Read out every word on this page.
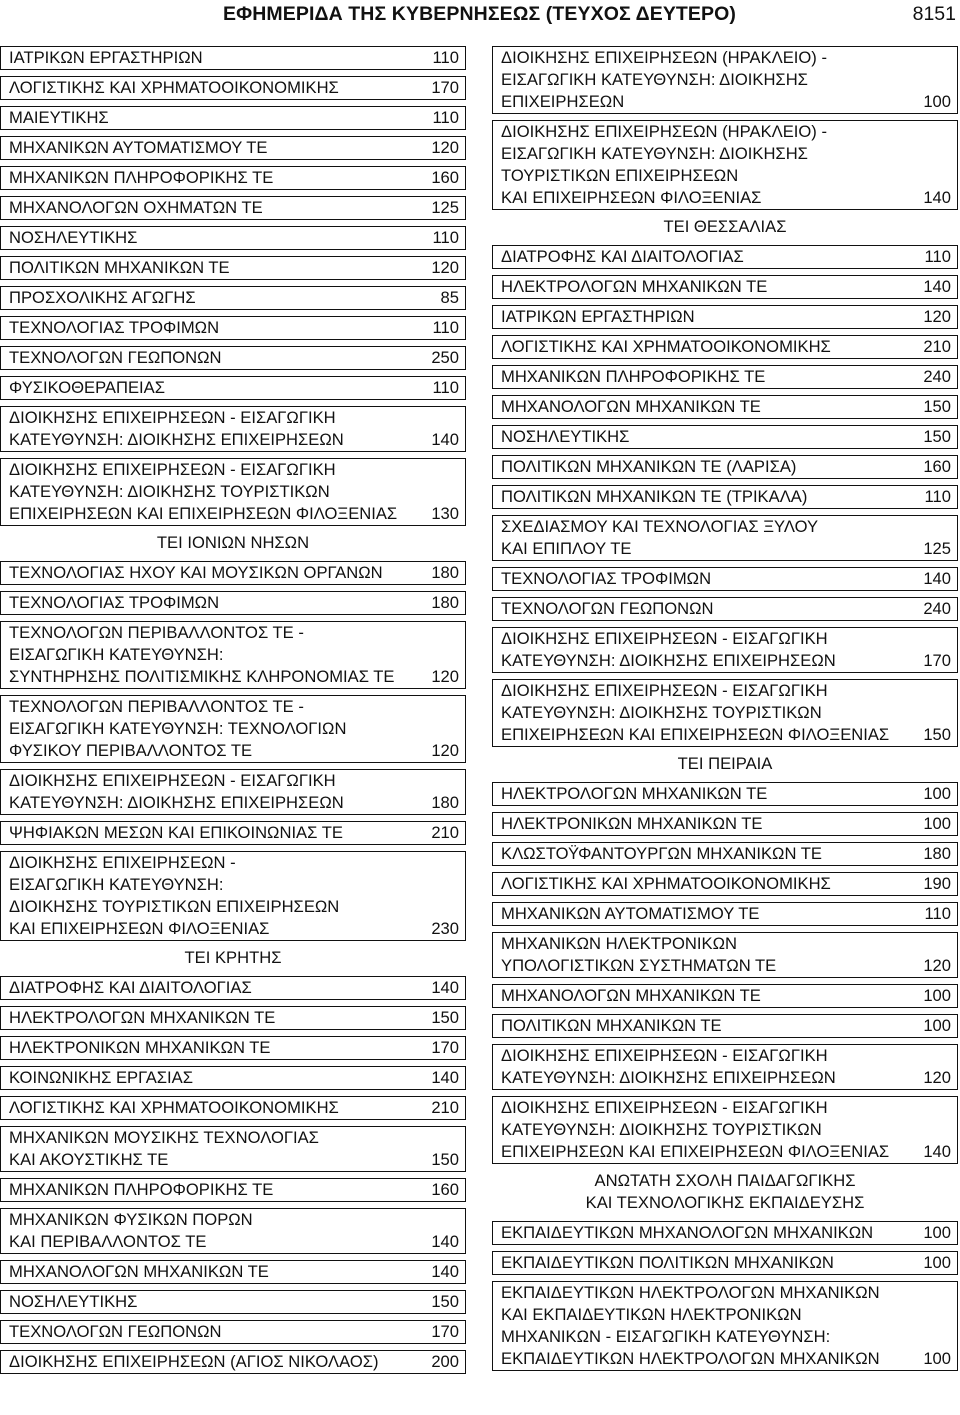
ΕΦΗΜΕΡΙΔΑ ΤΗΣ ΚΥΒΕΡΝΗΣΕΩΣ (ΤΕΥΧΟΣ ΔΕΥΤΕΡΟ)	8151
ΙΑΤΡΙΚΩΝ ΕΡΓΑΣΤΗΡΙΩΝ	110
ΛΟΓΙΣΤΙΚΗΣ ΚΑΙ ΧΡΗΜΑΤΟΟΙΚΟΝΟΜΙΚΗΣ	170
ΜΑΙΕΥΤΙΚΗΣ	110
ΜΗΧΑΝΙΚΩΝ ΑΥΤΟΜΑΤΙΣΜΟΥ ΤΕ	120
ΜΗΧΑΝΙΚΩΝ ΠΛΗΡΟΦΟΡΙΚΗΣ ΤΕ	160
ΜΗΧΑΝΟΛΟΓΩΝ ΟΧΗΜΑΤΩΝ ΤΕ	125
ΝΟΣΗΛΕΥΤΙΚΗΣ	110
ΠΟΛΙΤΙΚΩΝ ΜΗΧΑΝΙΚΩΝ ΤΕ	120
ΠΡΟΣΧΟΛΙΚΗΣ ΑΓΩΓΗΣ	85
ΤΕΧΝΟΛΟΓΙΑΣ ΤΡΟΦΙΜΩΝ	110
ΤΕΧΝΟΛΟΓΩΝ ΓΕΩΠΟΝΩΝ	250
ΦΥΣΙΚΟΘΕΡΑΠΕΙΑΣ	110
ΔΙΟΙΚΗΣΗΣ ΕΠΙΧΕΙΡΗΣΕΩΝ - ΕΙΣΑΓΩΓΙΚΗ
ΚΑΤΕΥΘΥΝΣΗ: ΔΙΟΙΚΗΣΗΣ ΕΠΙΧΕΙΡΗΣΕΩΝ	140
ΔΙΟΙΚΗΣΗΣ ΕΠΙΧΕΙΡΗΣΕΩΝ - ΕΙΣΑΓΩΓΙΚΗ
ΚΑΤΕΥΘΥΝΣΗ: ΔΙΟΙΚΗΣΗΣ ΤΟΥΡΙΣΤΙΚΩΝ
ΕΠΙΧΕΙΡΗΣΕΩΝ ΚΑΙ ΕΠΙΧΕΙΡΗΣΕΩΝ ΦΙΛΟΞΕΝΙΑΣ 130
ΤΕΙ ΙΟΝΙΩΝ ΝΗΣΩΝ
ΤΕΧΝΟΛΟΓΙΑΣ ΗΧΟΥ ΚΑΙ ΜΟΥΣΙΚΩΝ ΟΡΓΑΝΩΝ	180
ΤΕΧΝΟΛΟΓΙΑΣ ΤΡΟΦΙΜΩΝ	180
ΤΕΧΝΟΛΟΓΩΝ ΠΕΡΙΒΑΛΛΟΝΤΟΣ ΤΕ -
ΕΙΣΑΓΩΓΙΚΗ ΚΑΤΕΥΘΥΝΣΗ:
ΣΥΝΤΗΡΗΣΗΣ ΠΟΛΙΤΙΣΜΙΚΗΣ ΚΛΗΡΟΝΟΜΙΑΣ ΤΕ	120
ΤΕΧΝΟΛΟΓΩΝ ΠΕΡΙΒΑΛΛΟΝΤΟΣ ΤΕ -
ΕΙΣΑΓΩΓΙΚΗ ΚΑΤΕΥΘΥΝΣΗ: ΤΕΧΝΟΛΟΓΙΩΝ
ΦΥΣΙΚΟΥ ΠΕΡΙΒΑΛΛΟΝΤΟΣ ΤΕ	120
ΔΙΟΙΚΗΣΗΣ ΕΠΙΧΕΙΡΗΣΕΩΝ - ΕΙΣΑΓΩΓΙΚΗ
ΚΑΤΕΥΘΥΝΣΗ: ΔΙΟΙΚΗΣΗΣ ΕΠΙΧΕΙΡΗΣΕΩΝ	180
ΨΗΦΙΑΚΩΝ ΜΕΣΩΝ ΚΑΙ ΕΠΙΚΟΙΝΩΝΙΑΣ ΤΕ	210
ΔΙΟΙΚΗΣΗΣ ΕΠΙΧΕΙΡΗΣΕΩΝ -
ΕΙΣΑΓΩΓΙΚΗ ΚΑΤΕΥΘΥΝΣΗ:
ΔΙΟΙΚΗΣΗΣ ΤΟΥΡΙΣΤΙΚΩΝ ΕΠΙΧΕΙΡΗΣΕΩΝ
ΚΑΙ ΕΠΙΧΕΙΡΗΣΕΩΝ ΦΙΛΟΞΕΝΙΑΣ	230
ΤΕΙ ΚΡΗΤΗΣ
ΔΙΑΤΡΟΦΗΣ ΚΑΙ ΔΙΑΙΤΟΛΟΓΙΑΣ	140
ΗΛΕΚΤΡΟΛΟΓΩΝ ΜΗΧΑΝΙΚΩΝ ΤΕ	150
ΗΛΕΚΤΡΟΝΙΚΩΝ ΜΗΧΑΝΙΚΩΝ ΤΕ	170
ΚΟΙΝΩΝΙΚΗΣ ΕΡΓΑΣΙΑΣ	140
ΛΟΓΙΣΤΙΚΗΣ ΚΑΙ ΧΡΗΜΑΤΟΟΙΚΟΝΟΜΙΚΗΣ	210
ΜΗΧΑΝΙΚΩΝ ΜΟΥΣΙΚΗΣ ΤΕΧΝΟΛΟΓΙΑΣ
ΚΑΙ ΑΚΟΥΣΤΙΚΗΣ ΤΕ	150
ΜΗΧΑΝΙΚΩΝ ΠΛΗΡΟΦΟΡΙΚΗΣ ΤΕ	160
ΜΗΧΑΝΙΚΩΝ ΦΥΣΙΚΩΝ ΠΟΡΩΝ
ΚΑΙ ΠΕΡΙΒΑΛΛΟΝΤΟΣ ΤΕ	140
ΜΗΧΑΝΟΛΟΓΩΝ ΜΗΧΑΝΙΚΩΝ ΤΕ	140
ΝΟΣΗΛΕΥΤΙΚΗΣ	150
ΤΕΧΝΟΛΟΓΩΝ ΓΕΩΠΟΝΩΝ	170
ΔΙΟΙΚΗΣΗΣ ΕΠΙΧΕΙΡΗΣΕΩΝ (ΑΓΙΟΣ ΝΙΚΟΛΑΟΣ)	200
ΔΙΟΙΚΗΣΗΣ ΕΠΙΧΕΙΡΗΣΕΩΝ (ΗΡΑΚΛΕΙΟ) -
ΕΙΣΑΓΩΓΙΚΗ ΚΑΤΕΥΘΥΝΣΗ: ΔΙΟΙΚΗΣΗΣ
ΕΠΙΧΕΙΡΗΣΕΩΝ	100
ΔΙΟΙΚΗΣΗΣ ΕΠΙΧΕΙΡΗΣΕΩΝ (ΗΡΑΚΛΕΙΟ) -
ΕΙΣΑΓΩΓΙΚΗ ΚΑΤΕΥΘΥΝΣΗ: ΔΙΟΙΚΗΣΗΣ
ΤΟΥΡΙΣΤΙΚΩΝ ΕΠΙΧΕΙΡΗΣΕΩΝ
ΚΑΙ ΕΠΙΧΕΙΡΗΣΕΩΝ ΦΙΛΟΞΕΝΙΑΣ	140
ΤΕΙ ΘΕΣΣΑΛΙΑΣ
ΔΙΑΤΡΟΦΗΣ ΚΑΙ ΔΙΑΙΤΟΛΟΓΙΑΣ	110
ΗΛΕΚΤΡΟΛΟΓΩΝ ΜΗΧΑΝΙΚΩΝ ΤΕ	140
ΙΑΤΡΙΚΩΝ ΕΡΓΑΣΤΗΡΙΩΝ	120
ΛΟΓΙΣΤΙΚΗΣ ΚΑΙ ΧΡΗΜΑΤΟΟΙΚΟΝΟΜΙΚΗΣ	210
ΜΗΧΑΝΙΚΩΝ ΠΛΗΡΟΦΟΡΙΚΗΣ ΤΕ	240
ΜΗΧΑΝΟΛΟΓΩΝ ΜΗΧΑΝΙΚΩΝ ΤΕ	150
ΝΟΣΗΛΕΥΤΙΚΗΣ	150
ΠΟΛΙΤΙΚΩΝ ΜΗΧΑΝΙΚΩΝ ΤΕ (ΛΑΡΙΣΑ)	160
ΠΟΛΙΤΙΚΩΝ ΜΗΧΑΝΙΚΩΝ ΤΕ (ΤΡΙΚΑΛΑ)	110
ΣΧΕΔΙΑΣΜΟΥ ΚΑΙ ΤΕΧΝΟΛΟΓΙΑΣ ΞΥΛΟΥ
ΚΑΙ ΕΠΙΠΛΟΥ ΤΕ	125
ΤΕΧΝΟΛΟΓΙΑΣ ΤΡΟΦΙΜΩΝ	140
ΤΕΧΝΟΛΟΓΩΝ ΓΕΩΠΟΝΩΝ	240
ΔΙΟΙΚΗΣΗΣ ΕΠΙΧΕΙΡΗΣΕΩΝ - ΕΙΣΑΓΩΓΙΚΗ
ΚΑΤΕΥΘΥΝΣΗ: ΔΙΟΙΚΗΣΗΣ ΕΠΙΧΕΙΡΗΣΕΩΝ	170
ΔΙΟΙΚΗΣΗΣ ΕΠΙΧΕΙΡΗΣΕΩΝ - ΕΙΣΑΓΩΓΙΚΗ
ΚΑΤΕΥΘΥΝΣΗ: ΔΙΟΙΚΗΣΗΣ ΤΟΥΡΙΣΤΙΚΩΝ
ΕΠΙΧΕΙΡΗΣΕΩΝ ΚΑΙ ΕΠΙΧΕΙΡΗΣΕΩΝ ΦΙΛΟΞΕΝΙΑΣ 150
ΤΕΙ ΠΕΙΡΑΙΑ
ΗΛΕΚΤΡΟΛΟΓΩΝ ΜΗΧΑΝΙΚΩΝ ΤΕ	100
ΗΛΕΚΤΡΟΝΙΚΩΝ ΜΗΧΑΝΙΚΩΝ ΤΕ	100
ΚΛΩΣΤΟΫΦΑΝΤΟΥΡΓΩΝ ΜΗΧΑΝΙΚΩΝ ΤΕ	180
ΛΟΓΙΣΤΙΚΗΣ ΚΑΙ ΧΡΗΜΑΤΟΟΙΚΟΝΟΜΙΚΗΣ	190
ΜΗΧΑΝΙΚΩΝ ΑΥΤΟΜΑΤΙΣΜΟΥ ΤΕ	110
ΜΗΧΑΝΙΚΩΝ ΗΛΕΚΤΡΟΝΙΚΩΝ
ΥΠΟΛΟΓΙΣΤΙΚΩΝ ΣΥΣΤΗΜΑΤΩΝ ΤΕ	120
ΜΗΧΑΝΟΛΟΓΩΝ ΜΗΧΑΝΙΚΩΝ ΤΕ	100
ΠΟΛΙΤΙΚΩΝ ΜΗΧΑΝΙΚΩΝ ΤΕ	100
ΔΙΟΙΚΗΣΗΣ ΕΠΙΧΕΙΡΗΣΕΩΝ - ΕΙΣΑΓΩΓΙΚΗ
ΚΑΤΕΥΘΥΝΣΗ: ΔΙΟΙΚΗΣΗΣ ΕΠΙΧΕΙΡΗΣΕΩΝ	120
ΔΙΟΙΚΗΣΗΣ ΕΠΙΧΕΙΡΗΣΕΩΝ - ΕΙΣΑΓΩΓΙΚΗ
ΚΑΤΕΥΘΥΝΣΗ: ΔΙΟΙΚΗΣΗΣ ΤΟΥΡΙΣΤΙΚΩΝ
ΕΠΙΧΕΙΡΗΣΕΩΝ ΚΑΙ ΕΠΙΧΕΙΡΗΣΕΩΝ ΦΙΛΟΞΕΝΙΑΣ 140
ΑΝΩΤΑΤΗ ΣΧΟΛΗ ΠΑΙΔΑΓΩΓΙΚΗΣ
ΚΑΙ ΤΕΧΝΟΛΟΓΙΚΗΣ ΕΚΠΑΙΔΕΥΣΗΣ
ΕΚΠΑΙΔΕΥΤΙΚΩΝ ΜΗΧΑΝΟΛΟΓΩΝ ΜΗΧΑΝΙΚΩΝ	100
ΕΚΠΑΙΔΕΥΤΙΚΩΝ ΠΟΛΙΤΙΚΩΝ ΜΗΧΑΝΙΚΩΝ	100
ΕΚΠΑΙΔΕΥΤΙΚΩΝ ΗΛΕΚΤΡΟΛΟΓΩΝ ΜΗΧΑΝΙΚΩΝ
ΚΑΙ ΕΚΠΑΙΔΕΥΤΙΚΩΝ ΗΛΕΚΤΡΟΝΙΚΩΝ
ΜΗΧΑΝΙΚΩΝ - ΕΙΣΑΓΩΓΙΚΗ ΚΑΤΕΥΘΥΝΣΗ:
ΕΚΠΑΙΔΕΥΤΙΚΩΝ ΗΛΕΚΤΡΟΛΟΓΩΝ ΜΗΧΑΝΙΚΩΝ	100
